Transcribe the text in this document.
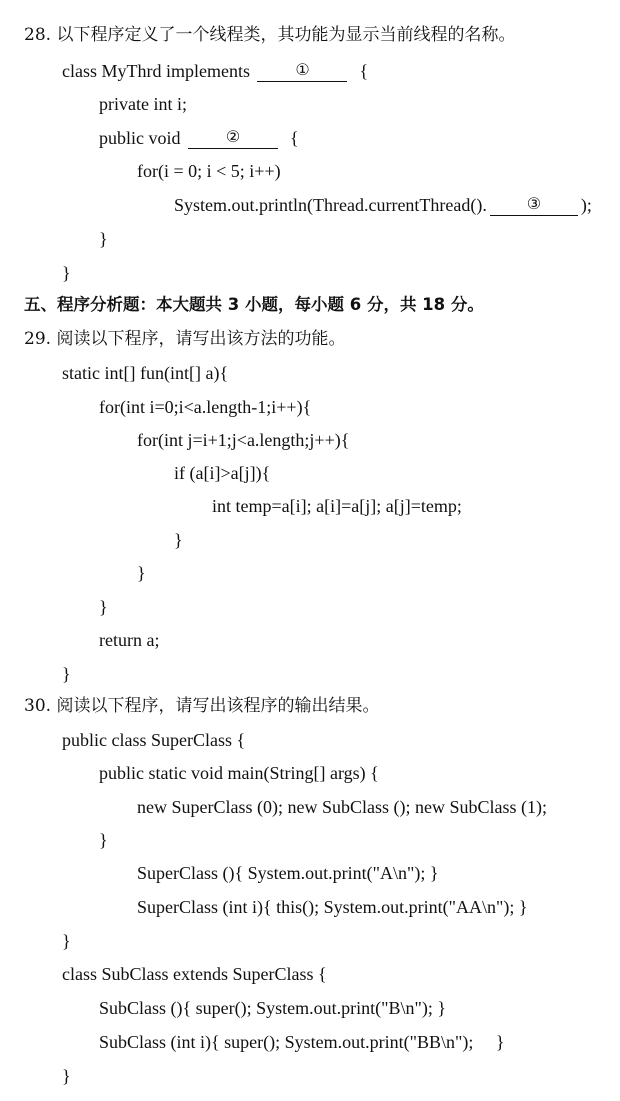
28. 以下程序定义了一个线程类，其功能为显示当前线程的名称。
class MyThrd implements	①	{
private int i;
public void	②	{
for(i = 0; i < 5; i++)
System.out.println(Thread.currentThread(). ③ );
}
}
五、程序分析题：本大题共 3 小题，每小题 6 分，共 18 分。
29. 阅读以下程序，请写出该方法的功能。
static int[] fun(int[] a){
for(int i=0;i<a.length-1;i++){
for(int j=i+1;j<a.length;j++){
if (a[i]>a[j]){
int temp=a[i]; a[i]=a[j]; a[j]=temp;
}
}
}
return a;
}
30. 阅读以下程序，请写出该程序的输出结果。
public class SuperClass {
public static void main(String[] args) {
new SuperClass (0); new SubClass (); new SubClass (1);
}
SuperClass (){ System.out.print("A\n"); }
SuperClass (int i){ this(); System.out.print("AA\n"); }
}
class SubClass extends SuperClass {
SubClass (){ super(); System.out.print("B\n"); }
SubClass (int i){ super(); System.out.print("BB\n");     }
}
